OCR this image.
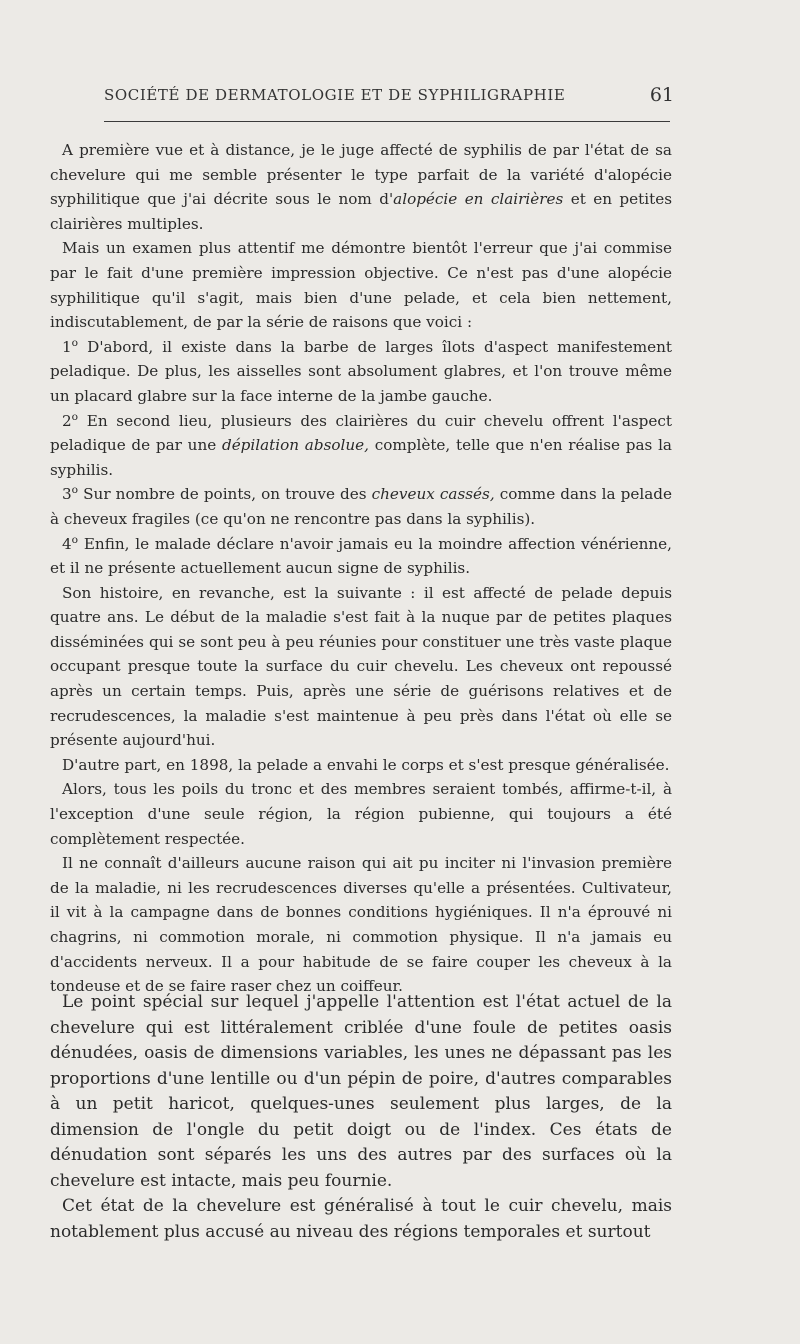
SOCIÉTÉ DE DERMATOLOGIE ET DE SYPHILIGRAPHIE	61

A première vue et à distance, je le juge affecté de syphilis de par l'état de sa chevelure qui me semble présenter le type parfait de la variété d'alopécie syphilitique que j'ai décrite sous le nom d'alopécie en clairières et en petites clairières multiples.

Mais un examen plus attentif me démontre bientôt l'erreur que j'ai commise par le fait d'une première impression objective. Ce n'est pas d'une alopécie syphilitique qu'il s'agit, mais bien d'une pelade, et cela bien nettement, indiscutablement, de par la série de raisons que voici :

1$^o$ D'abord, il existe dans la barbe de larges îlots d'aspect manifestement peladique. De plus, les aisselles sont absolument glabres, et l'on trouve même un placard glabre sur la face interne de la jambe gauche.

2$^o$ En second lieu, plusieurs des clairières du cuir chevelu offrent l'aspect peladique de par une dépilation absolue, complète, telle que n'en réalise pas la syphilis.

3$^o$ Sur nombre de points, on trouve des cheveux cassés, comme dans la pelade à cheveux fragiles (ce qu'on ne rencontre pas dans la syphilis).

4$^o$ Enfin, le malade déclare n'avoir jamais eu la moindre affection vénérienne, et il ne présente actuellement aucun signe de syphilis.

Son histoire, en revanche, est la suivante : il est affecté de pelade depuis quatre ans. Le début de la maladie s'est fait à la nuque par de petites plaques disséminées qui se sont peu à peu réunies pour constituer une très vaste plaque occupant presque toute la surface du cuir chevelu. Les cheveux ont repoussé après un certain temps. Puis, après une série de guérisons relatives et de recrudescences, la maladie s'est maintenue à peu près dans l'état où elle se présente aujourd'hui.

D'autre part, en 1898, la pelade a envahi le corps et s'est presque généralisée.

Alors, tous les poils du tronc et des membres seraient tombés, affirme-t-il, à l'exception d'une seule région, la région pubienne, qui toujours a été complètement respectée.

Il ne connaît d'ailleurs aucune raison qui ait pu inciter ni l'invasion première de la maladie, ni les recrudescences diverses qu'elle a présentées. Cultivateur, il vit à la campagne dans de bonnes conditions hygiéniques. Il n'a éprouvé ni chagrins, ni commotion morale, ni commotion physique. Il n'a jamais eu d'accidents nerveux. Il a pour habitude de se faire couper les cheveux à la tondeuse et de se faire raser chez un coiffeur.

Le point spécial sur lequel j'appelle l'attention est l'état actuel de la chevelure qui est littéralement criblée d'une foule de petites oasis dénudées, oasis de dimensions variables, les unes ne dépassant pas les proportions d'une lentille ou d'un pépin de poire, d'autres comparables à un petit haricot, quelques-unes seulement plus larges, de la dimension de l'ongle du petit doigt ou de l'index. Ces états de dénudation sont séparés les uns des autres par des surfaces où la chevelure est intacte, mais peu fournie.

Cet état de la chevelure est généralisé à tout le cuir chevelu, mais notablement plus accusé au niveau des régions temporales et surtout
